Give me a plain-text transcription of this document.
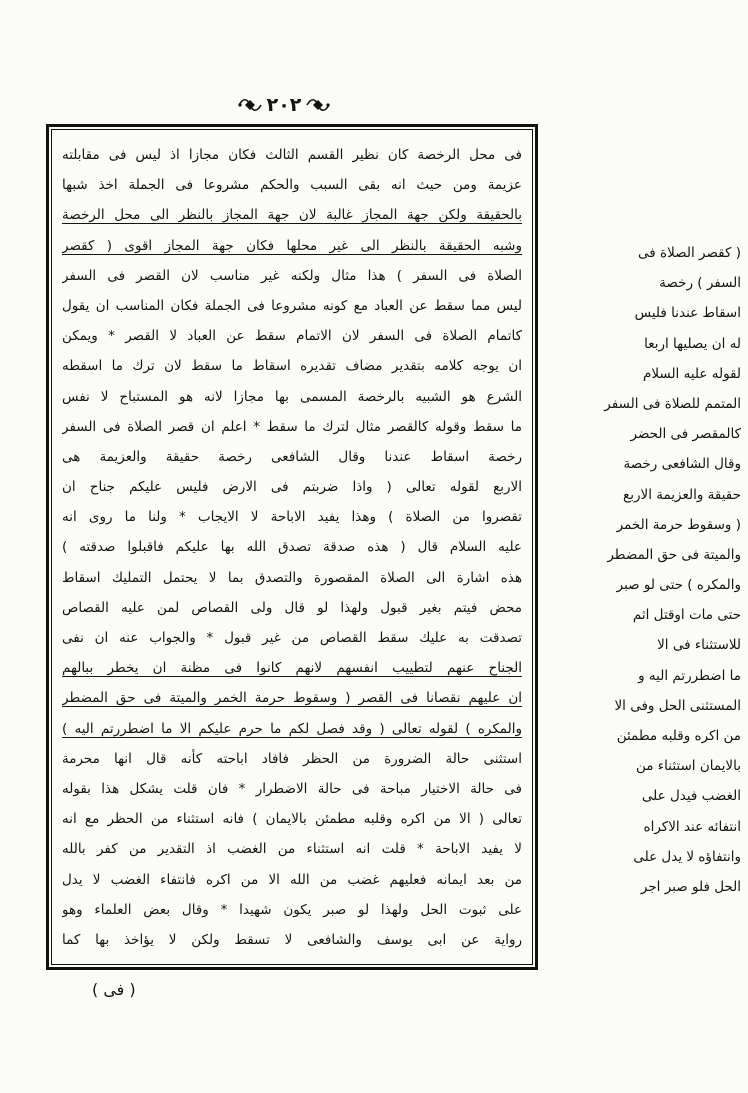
٢٠٢
فى محل الرخصة كان نظير القسم الثالث فكان مجازا اذ ليس فى مقابلته
عزيمة ومن حيث انه بقى السبب والحكم مشروعا فى الجملة اخذ شبها
بالحقيقة ولكن جهة المجاز غالبة لان جهة المجاز بالنظر الى محل الرخصة
وشبه الحقيقة بالنظر الى غير محلها فكان جهة المجاز اقوى ( كقصر
الصلاة فى السفر ) هذا مثال ولكنه غير مناسب لان القصر فى السفر
ليس مما سقط عن العباد مع كونه مشروعا فى الجملة فكان المناسب ان يقول
كاتمام الصلاة فى السفر لان الاتمام سقط عن العباد لا القصر * ويمكن
ان يوجه كلامه بتقدير مضاف تقديره اسقاط ما سقط لان ترك ما اسقطه
الشرع هو الشبيه بالرخصة المسمى بها مجازا لانه هو المستباح لا نفس
ما سقط وقوله كالقصر مثال لترك ما سقط * اعلم ان قصر الصلاة فى السفر
رخصة اسقاط عندنا وقال الشافعى رخصة حقيقة والعزيمة هى
الاربع لقوله تعالى ( واذا ضربتم فى الارض فليس عليكم جناح ان
تقصروا من الصلاة ) وهذا يفيد الاباحة لا الايجاب * ولنا ما روى انه
عليه السلام قال ( هذه صدقة تصدق الله بها عليكم فاقبلوا صدقته )
هذه اشارة الى الصلاة المقصورة والتصدق بما لا يحتمل التمليك اسقاط
محض فيتم بغير قبول ولهذا لو قال ولى القصاص لمن عليه القصاص
تصدقت به عليك سقط القصاص من غير قبول * والجواب عنه ان نفى
الجناح عنهم لتطييب انفسهم لانهم كانوا فى مظنة ان يخطر ببالهم
ان عليهم نقصانا فى القصر ( وسقوط حرمة الخمر والميتة فى حق المضطر
والمكره ) لقوله تعالى ( وقد فصل لكم ما حرم عليكم الا ما اضطررتم اليه )
استثنى حالة الضرورة من الحظر فافاد اباحته كأنه قال انها محرمة
فى حالة الاختيار مباحة فى حالة الاضطرار * فان قلت يشكل هذا بقوله
تعالى ( الا من اكره وقلبه مطمئن بالايمان ) فانه استثناء من الحظر مع انه
لا يفيد الاباحة * قلت انه استثناء من الغضب اذ التقدير من كفر بالله
من بعد ايمانه فعليهم غضب من الله الا من اكره فانتفاء الغضب لا يدل
على ثبوت الحل ولهذا لو صبر يكون شهيدا * وقال بعض العلماء وهو
رواية عن ابى يوسف والشافعى لا تسقط ولكن لا يؤاخذ بها كما
( كقصر الصلاة فى
السفر ) رخصة
اسقاط عندنا فليس
له ان يصليها اربعا
لقوله عليه السلام
المتمم للصلاة فى السفر
كالمقصر فى الحضر
وقال الشافعى رخصة
حقيقة والعزيمة الاربع
( وسقوط حرمة الخمر
والميتة فى حق المضطر
والمكره ) حتى لو صبر
حتى مات اوقتل اثم
للاستثناء فى الا
ما اضطررتم اليه و
المستثنى الحل وفى الا
من اكره وقلبه مطمئن
بالايمان استثناء من
الغضب فيدل على
انتفائه عند الاكراه
وانتفاؤه لا يدل على
الحل فلو صبر اجر
( فى )
